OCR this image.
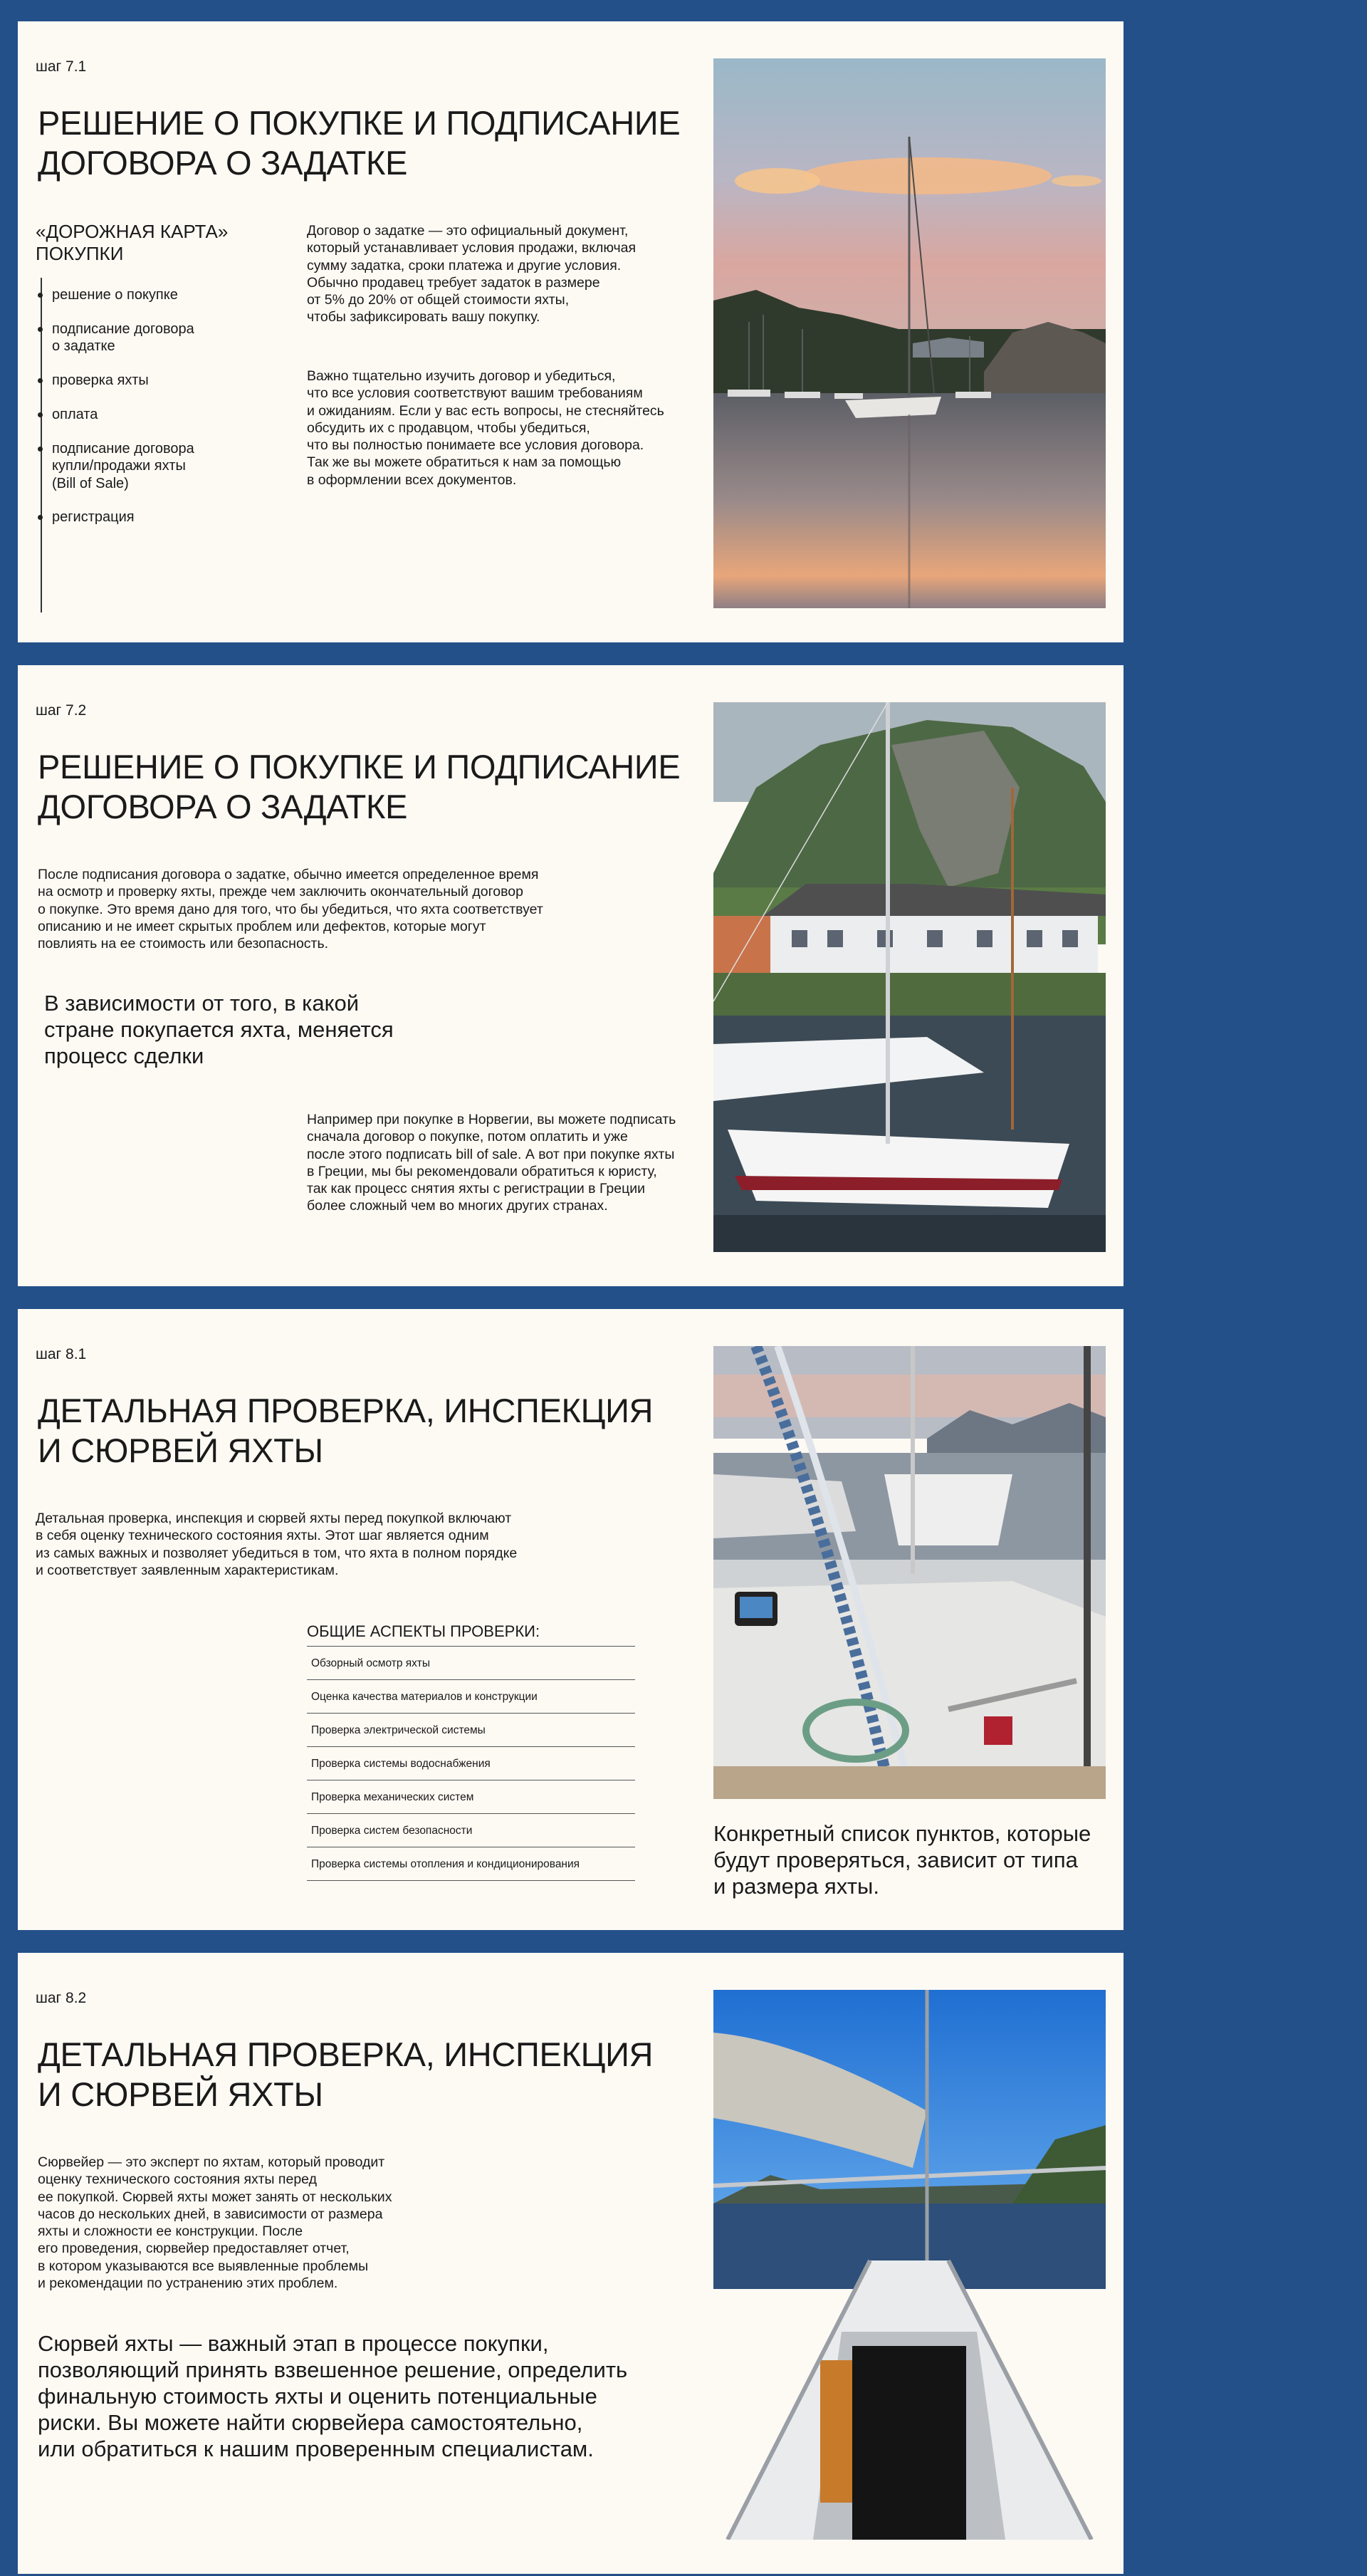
шаг 7.1
РЕШЕНИЕ О ПОКУПКЕ И ПОДПИСАНИЕ
ДОГОВОРА О ЗАДАТКЕ
«ДОРОЖНАЯ КАРТА»
ПОКУПКИ
решение о покупке
подписание договора
о задатке
проверка яхты
оплата
подписание договора
купли/продажи яхты
(Bill of Sale)
регистрация
Договор о задатке — это официальный документ,
который устанавливает условия продажи, включая
сумму задатка, сроки платежа и другие условия.
Обычно продавец требует задаток в размере
от 5% до 20% от общей стоимости яхты,
чтобы зафиксировать вашу покупку.
Важно тщательно изучить договор и убедиться,
что все условия соответствуют вашим требованиям
и ожиданиям. Если у вас есть вопросы, не стесняйтесь
обсудить их с продавцом, чтобы убедиться,
что вы полностью понимаете все условия договора.
Так же вы можете обратиться к нам за помощью
в оформлении всех документов.
шаг 7.2
РЕШЕНИЕ О ПОКУПКЕ И ПОДПИСАНИЕ
ДОГОВОРА О ЗАДАТКЕ
После подписания договора о задатке, обычно имеется определенное время
на осмотр и проверку яхты, прежде чем заключить окончательный договор
о покупке. Это время дано для того, что бы убедиться, что яхта соответствует
описанию и не имеет скрытых проблем или дефектов, которые могут
повлиять на ее стоимость или безопасность.
В зависимости от того, в какой
стране покупается яхта, меняется
процесс сделки
Например при покупке в Норвегии, вы можете подписать
сначала договор о покупке, потом оплатить и уже
после этого подписать bill of sale. А вот при покупке яхты
в Греции, мы бы рекомендовали обратиться к юристу,
так как процесс снятия яхты с регистрации в Греции
более сложный чем во многих других странах.
шаг 8.1
ДЕТАЛЬНАЯ ПРОВЕРКА, ИНСПЕКЦИЯ
И СЮРВЕЙ ЯХТЫ
Детальная проверка, инспекция и сюрвей яхты перед покупкой включают
в себя оценку технического состояния яхты. Этот шаг является одним
из самых важных и позволяет убедиться в том, что яхта в полном порядке
и соответствует заявленным характеристикам.
ОБЩИЕ АСПЕКТЫ ПРОВЕРКИ:
Обзорный осмотр яхты
Оценка качества материалов и конструкции
Проверка электрической системы
Проверка системы водоснабжения
Проверка механических систем
Проверка систем безопасности
Проверка системы отопления и кондиционирования
Конкретный список пунктов, которые
будут проверяться, зависит от типа
и размера яхты.
шаг 8.2
ДЕТАЛЬНАЯ ПРОВЕРКА, ИНСПЕКЦИЯ
И СЮРВЕЙ ЯХТЫ
Сюрвейер — это эксперт по яхтам, который проводит
оценку технического состояния яхты перед
ее покупкой. Сюрвей яхты может занять от нескольких
часов до нескольких дней, в зависимости от размера
яхты и сложности ее конструкции. После
его проведения, сюрвейер предоставляет отчет,
в котором указываются все выявленные проблемы
и рекомендации по устранению этих проблем.
Сюрвей яхты — важный этап в процессе покупки,
позволяющий принять взвешенное решение, определить
финальную стоимость яхты и оценить потенциальные
риски. Вы можете найти сюрвейера самостоятельно,
или обратиться к нашим проверенным специалистам.
